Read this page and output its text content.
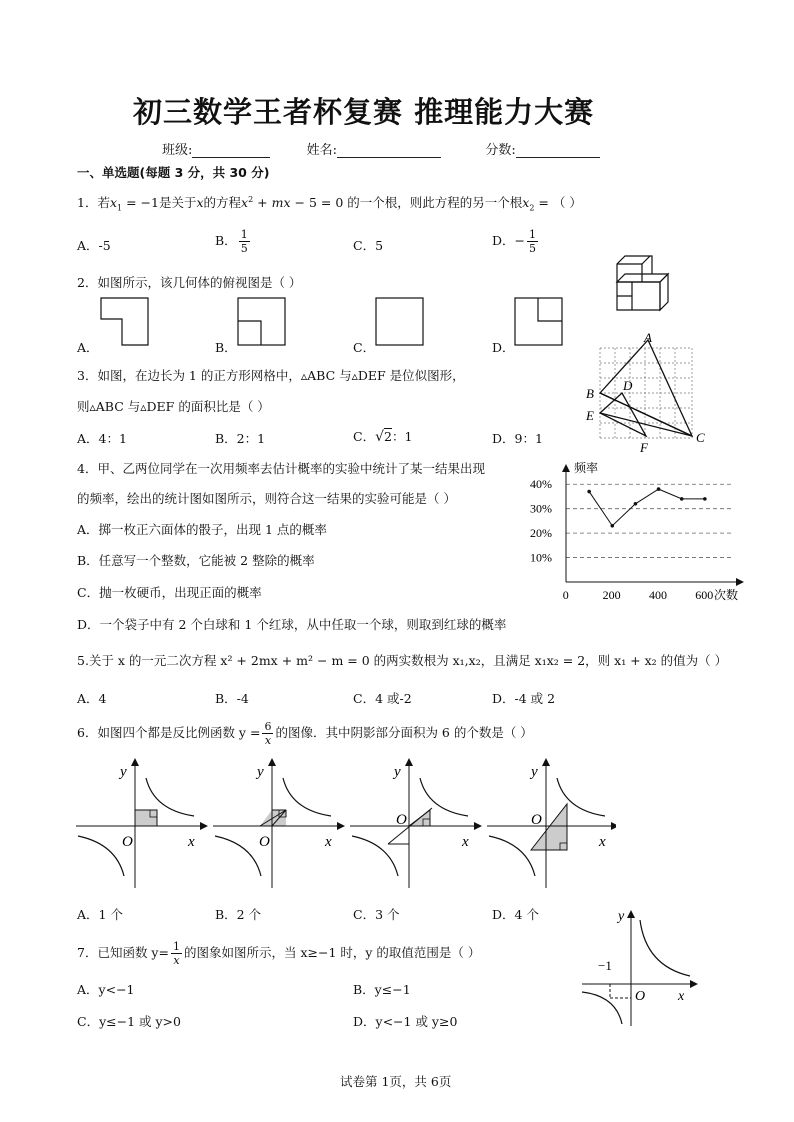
初三数学王者杯复赛 推理能力大赛
班级:	姓名:	分数:
一、单选题(每题 3 分，共 30 分)
1．若$x_1 = -1$是关于x的方程$x^2$ + mx − 5 = 0 的一个根，则此方程的另一个根$x_2$ = （ ）
A．-5	B． $\frac{1}{5}$	C．5	D．− $\frac{1}{5}$
2．如图所示，该几何体的俯视图是（ ）
A．	B．	C．	D．
3．如图，在边长为 1 的正方形网格中，▵ABC 与▵DEF 是位似图形，
则▵ABC 与▵DEF 的面积比是（ ）
A．4：1	B．2：1	C．√2：1	D．9：1
A
B
C
D
E
F
4．甲、乙两位同学在一次用频率去估计概率的实验中统计了某一结果出现
的频率，绘出的统计图如图所示，则符合这一结果的实验可能是（ ）
A．掷一枚正六面体的骰子，出现 1 点的概率
B．任意写一个整数，它能被 2 整除的概率
C．抛一枚硬币，出现正面的概率
D．一个袋子中有 2 个白球和 1 个红球，从中任取一个球，则取到红球的概率
频率
次数
10%
20%
30%
40%
0	200 400 600
5.关于 x 的一元二次方程 x² + 2mx + m² − m = 0 的两实数根为 x₁,x₂，且满足 x₁x₂ = 2，则 x₁ + x₂ 的值为（ ）
A．4	B．-4	C．4 或-2	D．-4 或 2
6．如图四个都是反比例函数 $y = \frac{6}{x}$ 的图像．其中阴影部分面积为 6 的个数是（ ）
y
x
O
y
x
O
y
x
O
y
x
O
A．1 个	B．2 个	C．3 个	D．4 个
7．已知函数 $y= \frac{1}{x}$ 的图象如图所示，当 x≥−1 时，y 的取值范围是（ ）
A．y<−1	B．y≤−1
C．y≤−1 或 y>0	D．y<−1 或 y≥0
y
x
O
−1
试卷第 1页，共 6页
